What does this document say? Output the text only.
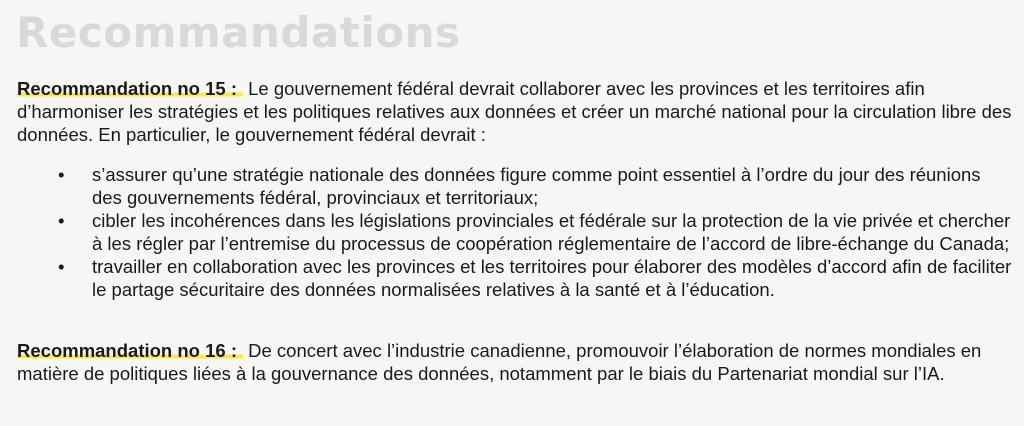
Recommandations
Recommandation no 15 : Le gouvernement fédéral devrait collaborer avec les provinces et les territoires afin d’harmoniser les stratégies et les politiques relatives aux données et créer un marché national pour la circulation libre des données. En particulier, le gouvernement fédéral devrait :
• s’assurer qu’une stratégie nationale des données figure comme point essentiel à l’ordre du jour des réunions des gouvernements fédéral, provinciaux et territoriaux;
• cibler les incohérences dans les législations provinciales et fédérale sur la protection de la vie privée et chercher à les régler par l’entremise du processus de coopération réglementaire de l’accord de libre-échange du Canada;
• travailler en collaboration avec les provinces et les territoires pour élaborer des modèles d’accord afin de faciliter le partage sécuritaire des données normalisées relatives à la santé et à l’éducation.
Recommandation no 16 : De concert avec l’industrie canadienne, promouvoir l’élaboration de normes mondiales en matière de politiques liées à la gouvernance des données, notamment par le biais du Partenariat mondial sur l’IA.
